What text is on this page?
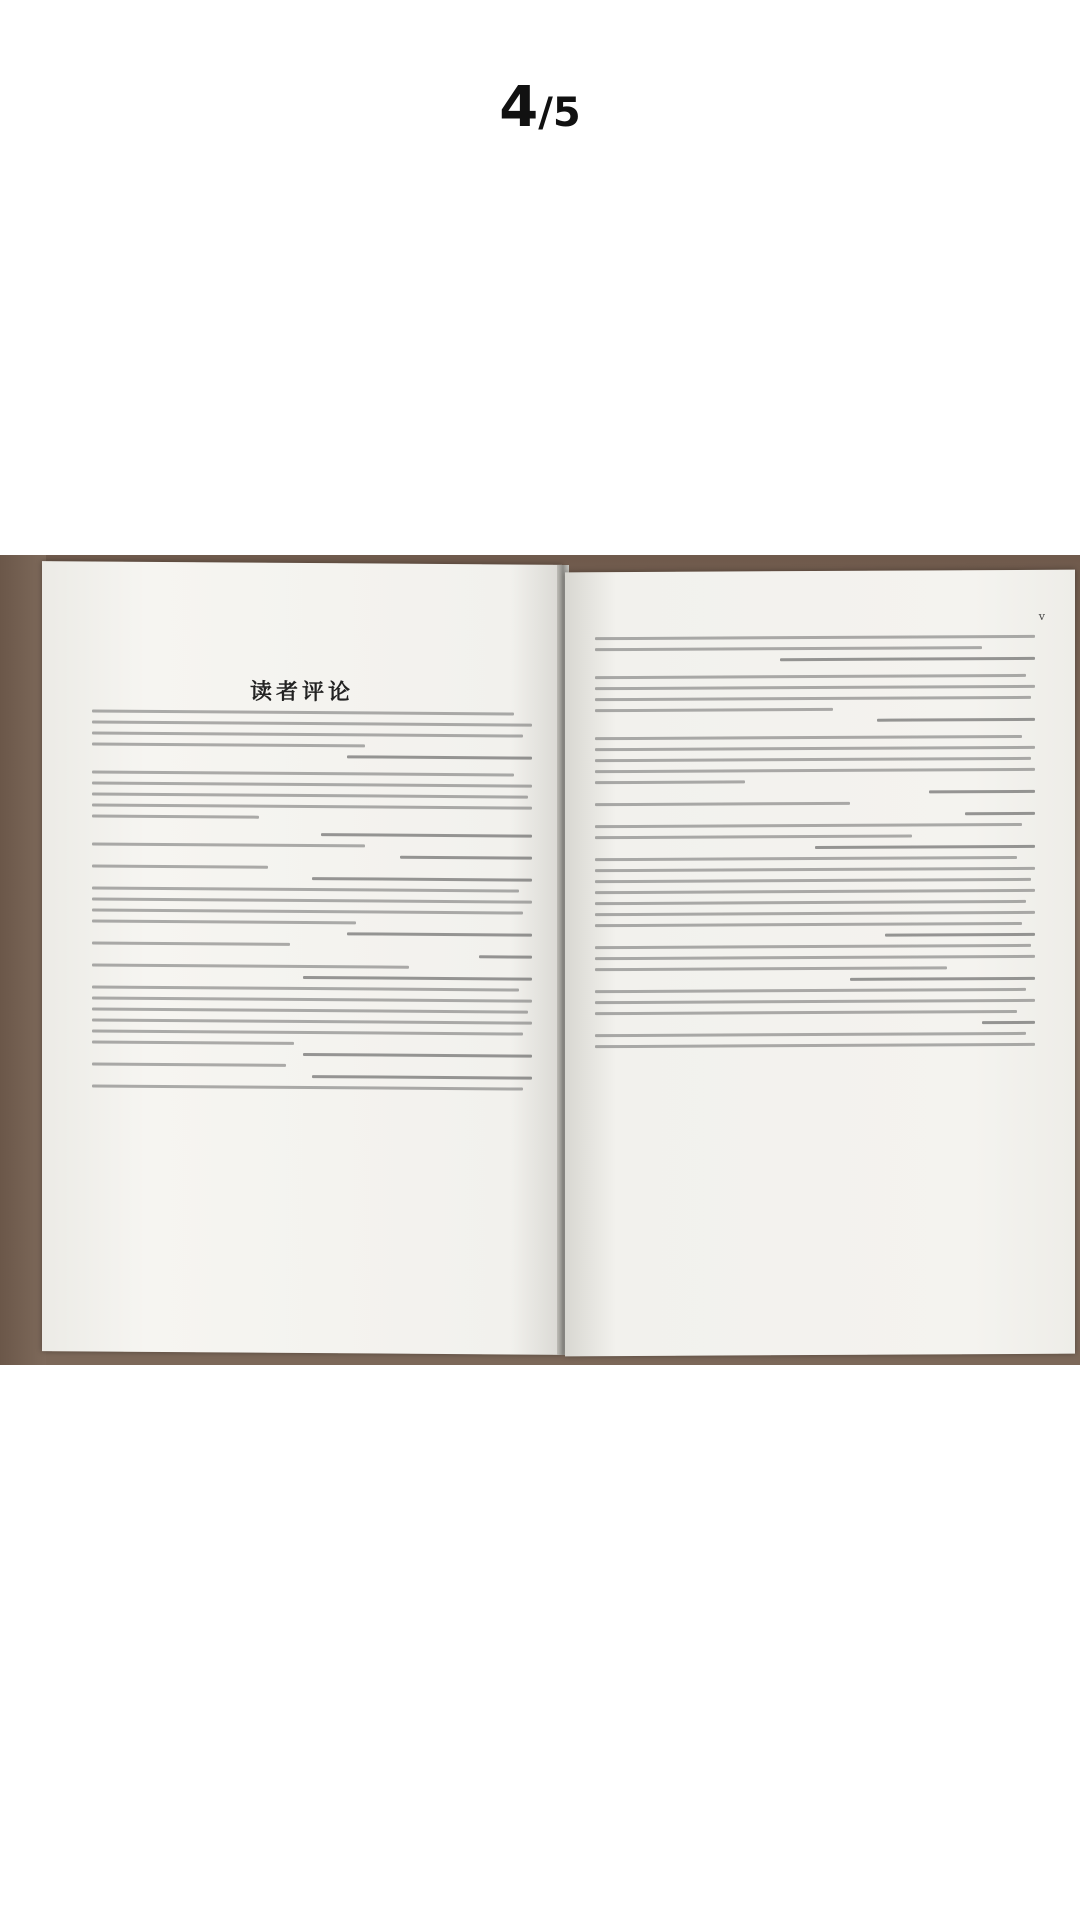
4/5
读者评论
v
